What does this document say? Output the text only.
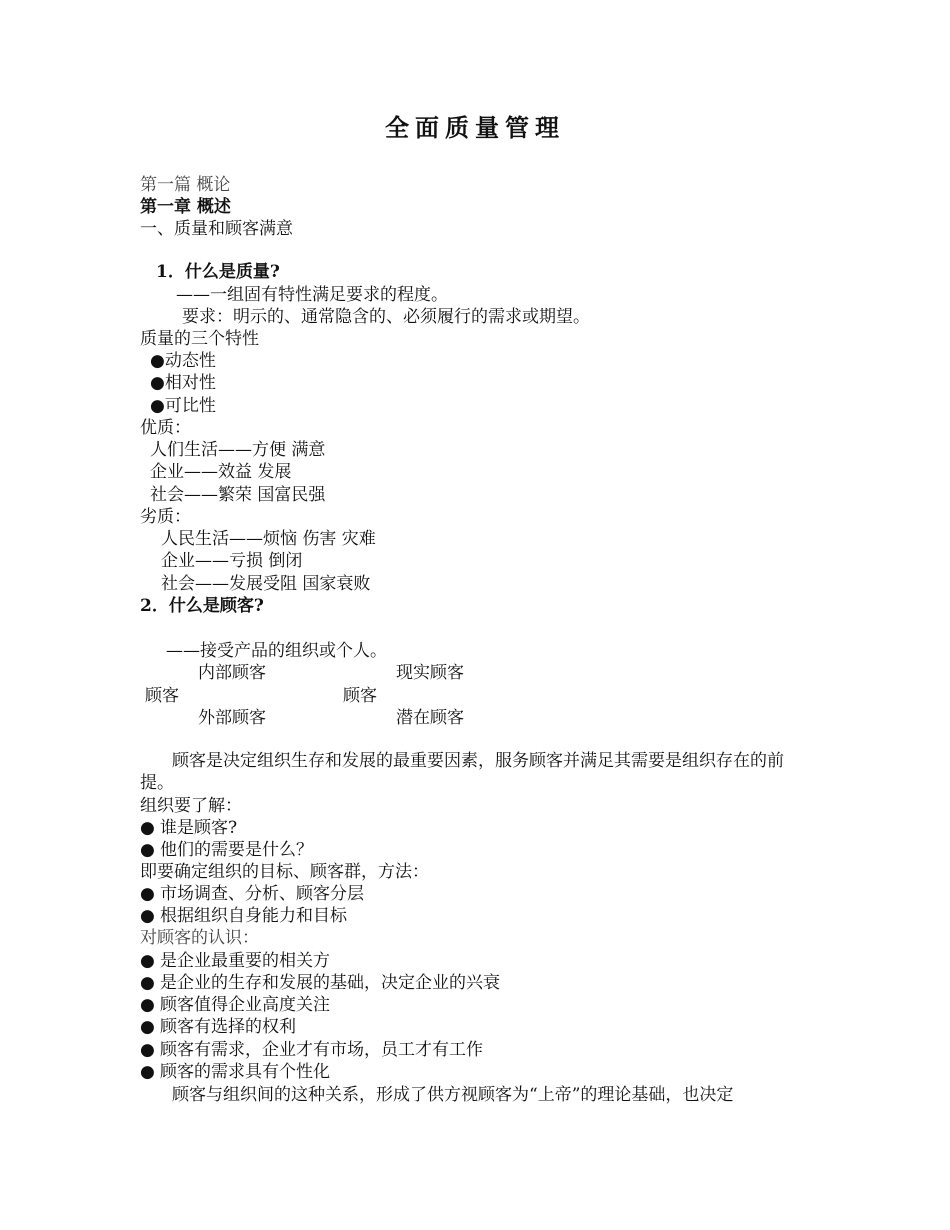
全面质量管理
第一篇 概论
第一章 概述
一、质量和顾客满意
1．什么是质量?
——一组固有特性满足要求的程度。
要求：明示的、通常隐含的、必须履行的需求或期望。
质量的三个特性
●动态性
●相对性
●可比性
优质：
人们生活——方便 满意
企业——效益 发展
社会——繁荣 国富民强
劣质：
人民生活——烦恼 伤害 灾难
企业——亏损 倒闭
社会——发展受阻 国家衰败
2．什么是顾客?
——接受产品的组织或个人。
内部顾客	现实顾客
顾客	顾客
外部顾客	潜在顾客
顾客是决定组织生存和发展的最重要因素，服务顾客并满足其需要是组织存在的前提。
组织要了解：
● 谁是顾客?
● 他们的需要是什么？
即要确定组织的目标、顾客群，方法：
● 市场调查、分析、顾客分层
● 根据组织自身能力和目标
对顾客的认识：
● 是企业最重要的相关方
● 是企业的生存和发展的基础，决定企业的兴衰
● 顾客值得企业高度关注
● 顾客有选择的权利
● 顾客有需求，企业才有市场，员工才有工作
● 顾客的需求具有个性化
顾客与组织间的这种关系，形成了供方视顾客为“上帝”的理论基础，也决定
